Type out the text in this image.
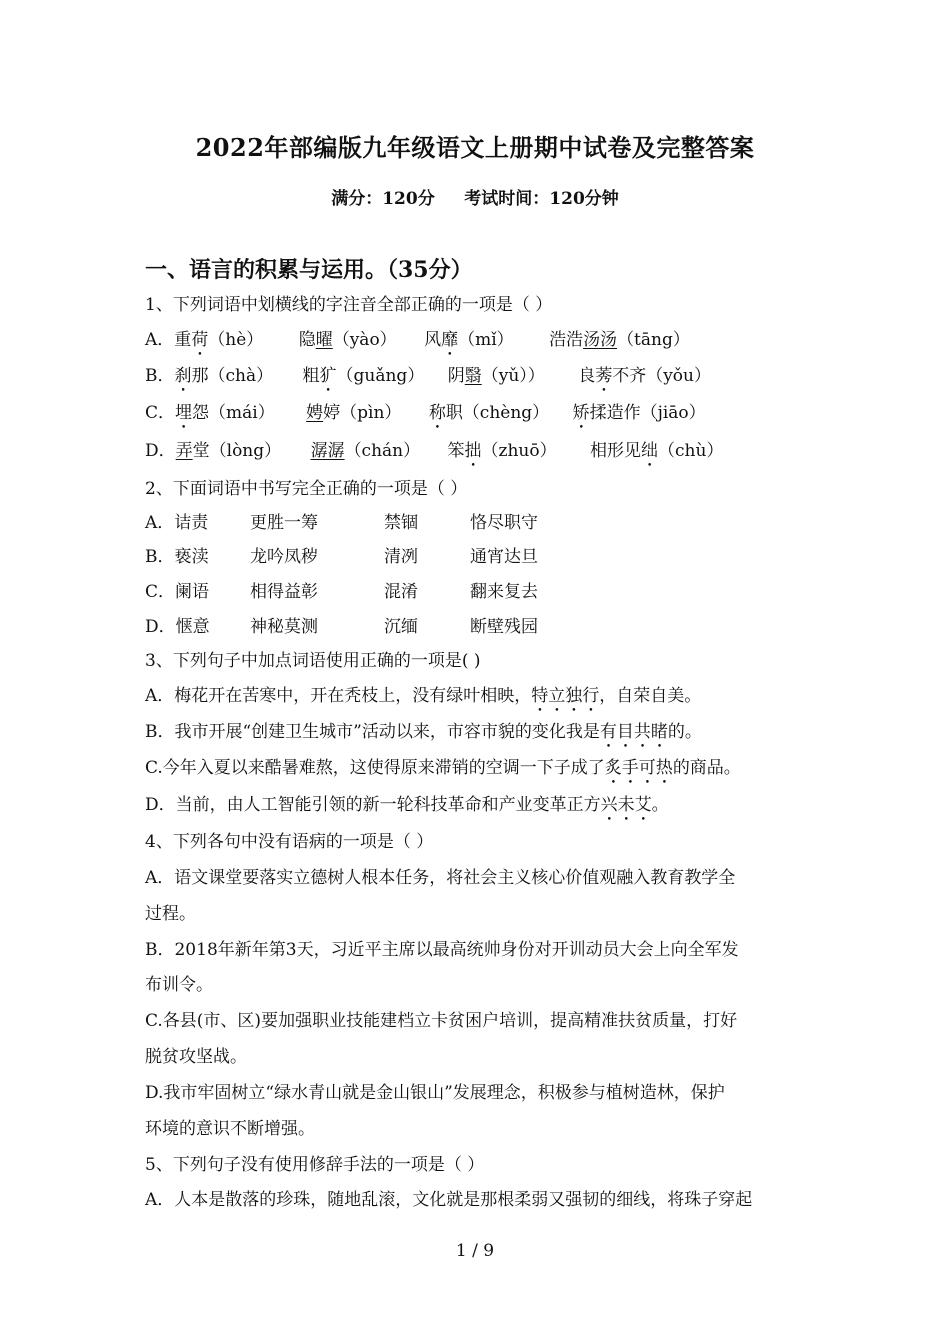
2022年部编版九年级语文上册期中试卷及完整答案
满分：120分     考试时间：120分钟
一、语言的积累与运用。（35分）
1、下列词语中划横线的字注音全部正确的一项是（ ）
A．重荷（hè） 隐曜（yào） 风靡（mǐ） 浩浩汤汤（tāng）
B．刹那（chà） 粗犷（guǎng） 阴翳（yǔ）） 良莠不齐（yǒu）
C．埋怨（mái） 娉婷（pìn） 称职（chèng） 矫揉造作（jiāo）
D．弄堂（lòng） 潺潺（chán） 笨拙（zhuō） 相形见绌（chù）
2、下面词语中书写完全正确的一项是（ ）
A．诘责 更胜一筹	禁锢	恪尽职守
B．亵渎 龙吟凤秽	清冽	通宵达旦
C．阑语 相得益彰	混淆	翻来复去
D．惬意 神秘莫测	沉缅	断壁残园
3、下列句子中加点词语使用正确的一项是( )
A．梅花开在苦寒中，开在秃枝上，没有绿叶相映，特立独行，自荣自美。
B．我市开展“创建卫生城市”活动以来，市容市貌的变化我是有目共睹的。
C.今年入夏以来酷暑难熬，这使得原来滞销的空调一下子成了炙手可热的商品。
D．当前，由人工智能引领的新一轮科技革命和产业变革正方兴未艾。
4、下列各句中没有语病的一项是（ ）
A．语文课堂要落实立德树人根本任务，将社会主义核心价值观融入教育教学全
过程。
B．2018年新年第3天，习近平主席以最高统帅身份对开训动员大会上向全军发
布训令。
C.各县(市、区)要加强职业技能建档立卡贫困户培训，提高精准扶贫质量，打好
脱贫攻坚战。
D.我市牢固树立“绿水青山就是金山银山”发展理念，积极参与植树造林，保护
环境的意识不断增强。
5、下列句子没有使用修辞手法的一项是（ ）
A．人本是散落的珍珠，随地乱滚，文化就是那根柔弱又强韧的细线，将珠子穿起
1 / 9
